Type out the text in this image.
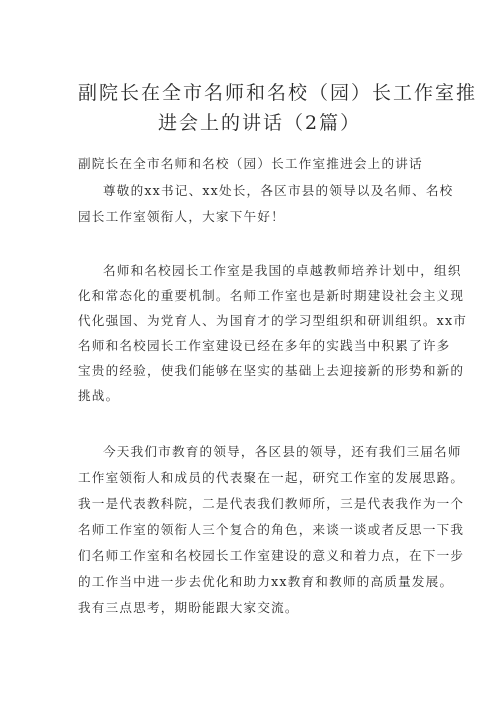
副院长在全市名师和名校（园）长工作室推
进会上的讲话（2篇）
副院长在全市名师和名校（园）长工作室推进会上的讲话
尊敬的xx书记、xx处长，各区市县的领导以及名师、名校
园长工作室领衔人，大家下午好！
名师和名校园长工作室是我国的卓越教师培养计划中，组织
化和常态化的重要机制。名师工作室也是新时期建设社会主义现
代化强国、为党育人、为国育才的学习型组织和研训组织。xx市
名师和名校园长工作室建设已经在多年的实践当中积累了许多
宝贵的经验，使我们能够在坚实的基础上去迎接新的形势和新的
挑战。
今天我们市教育的领导，各区县的领导，还有我们三届名师
工作室领衔人和成员的代表聚在一起，研究工作室的发展思路。
我一是代表教科院，二是代表我们教师所，三是代表我作为一个
名师工作室的领衔人三个复合的角色，来谈一谈或者反思一下我
们名师工作室和名校园长工作室建设的意义和着力点，在下一步
的工作当中进一步去优化和助力xx教育和教师的高质量发展。
我有三点思考，期盼能跟大家交流。
